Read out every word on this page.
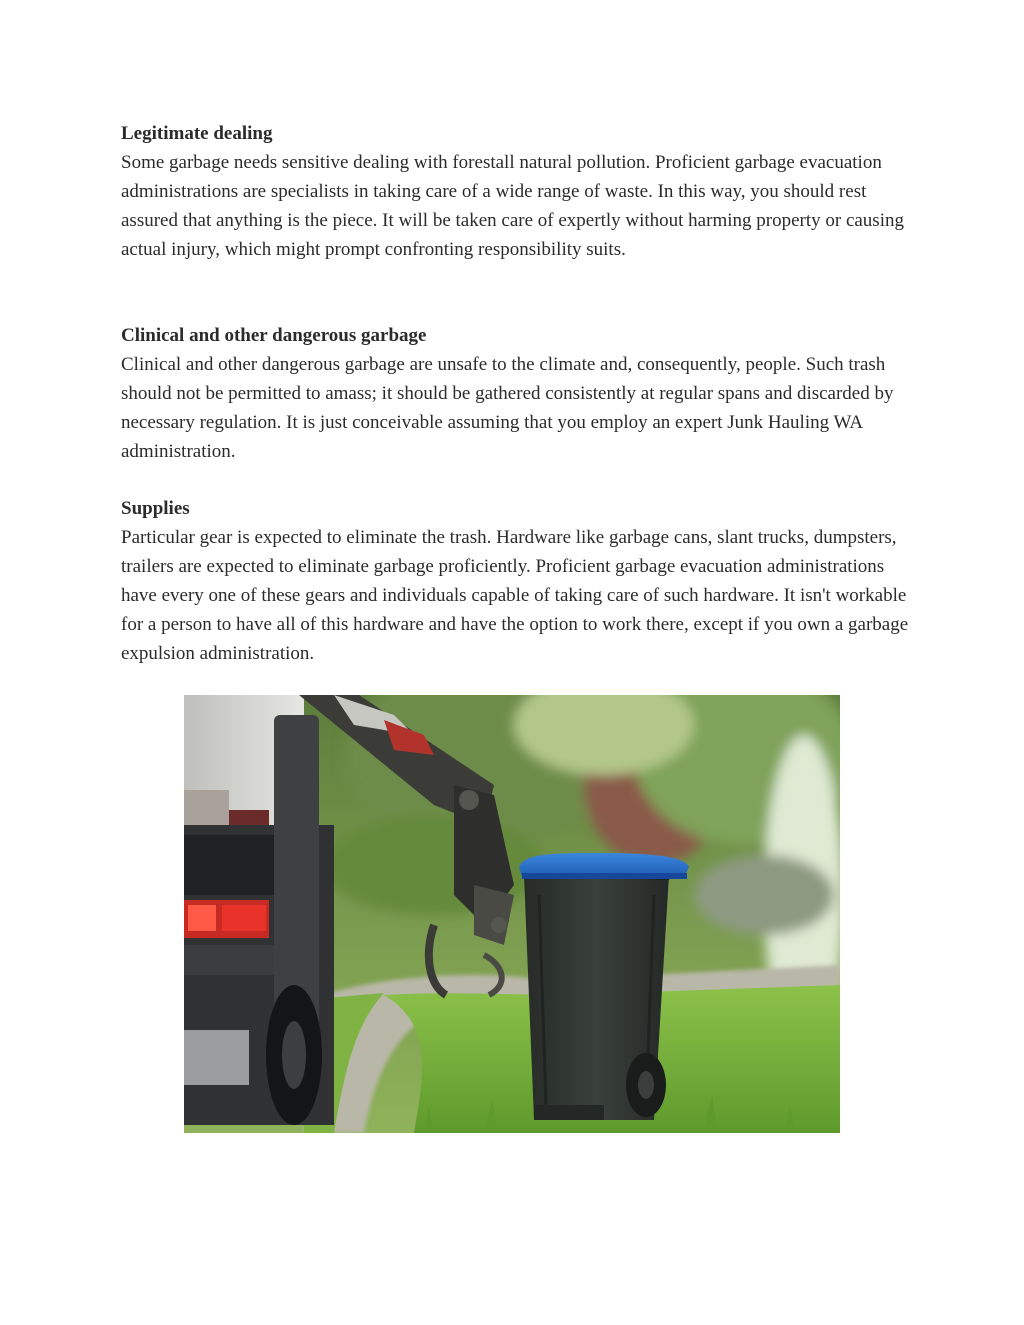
Legitimate dealing

Some garbage needs sensitive dealing with forestall natural pollution. Proficient garbage evacuation administrations are specialists in taking care of a wide range of waste. In this way, you should rest assured that anything is the piece. It will be taken care of expertly without harming property or causing actual injury, which might prompt confronting responsibility suits.

Clinical and other dangerous garbage

Clinical and other dangerous garbage are unsafe to the climate and, consequently, people. Such trash should not be permitted to amass; it should be gathered consistently at regular spans and discarded by necessary regulation. It is just conceivable assuming that you employ an expert Junk Hauling WA administration.

Supplies

Particular gear is expected to eliminate the trash. Hardware like garbage cans, slant trucks, dumpsters, trailers are expected to eliminate garbage proficiently. Proficient garbage evacuation administrations have every one of these gears and individuals capable of taking care of such hardware. It isn't workable for a person to have all of this hardware and have the option to work there, except if you own a garbage expulsion administration.
